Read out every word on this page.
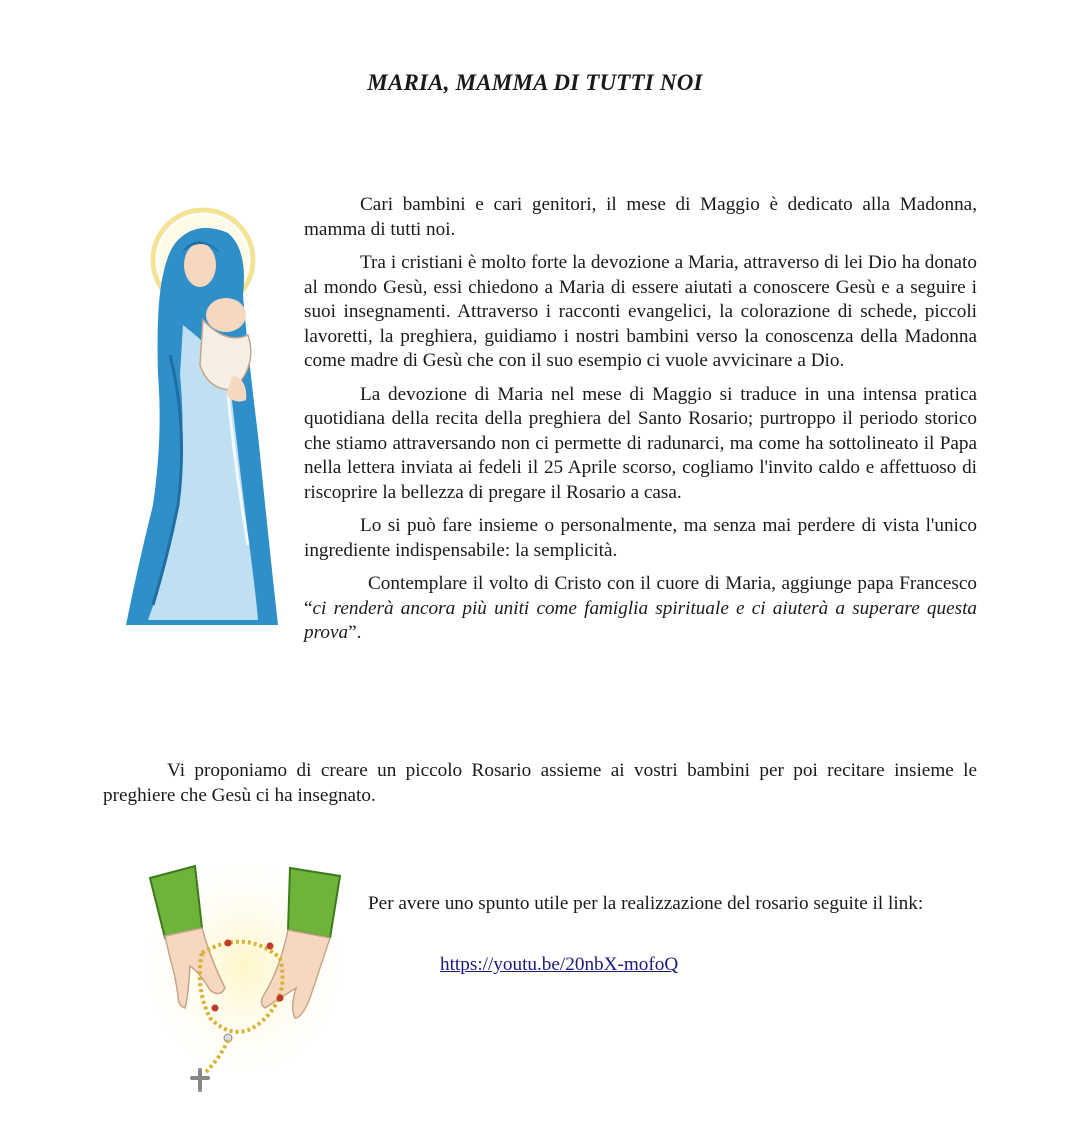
MARIA, MAMMA DI TUTTI NOI

Cari bambini e cari genitori, il mese di Maggio è dedicato alla Madonna, mamma di tutti noi.

Tra i cristiani è molto forte la devozione a Maria, attraverso di lei Dio ha donato al mondo Gesù, essi chiedono a Maria di essere aiutati a conoscere Gesù e a seguire i suoi insegnamenti. Attraverso i racconti evangelici, la colorazione di schede, piccoli lavoretti, la preghiera, guidiamo i nostri bambini verso la conoscenza della Madonna come madre di Gesù che con il suo esempio ci vuole avvicinare a Dio.

La devozione di Maria nel mese di Maggio si traduce in una intensa pratica quotidiana della recita della preghiera del Santo Rosario; purtroppo il periodo storico che stiamo attraversando non ci permette di radunarci, ma come ha sottolineato il Papa nella lettera inviata ai fedeli il 25 Aprile scorso, cogliamo l'invito caldo e affettuoso di riscoprire la bellezza di pregare il Rosario a casa.

Lo si può fare insieme o personalmente, ma senza mai perdere di vista l'unico ingrediente indispensabile: la semplicità.

Contemplare il volto di Cristo con il cuore di Maria, aggiunge papa Francesco “ci renderà ancora più uniti come famiglia spirituale e ci aiuterà a superare questa prova”.

Vi proponiamo di creare un piccolo Rosario assieme ai vostri bambini per poi recitare insieme le preghiere che Gesù ci ha insegnato.

Per avere uno spunto utile per la realizzazione del rosario seguite il link:

https://youtu.be/20nbX-mofoQ
